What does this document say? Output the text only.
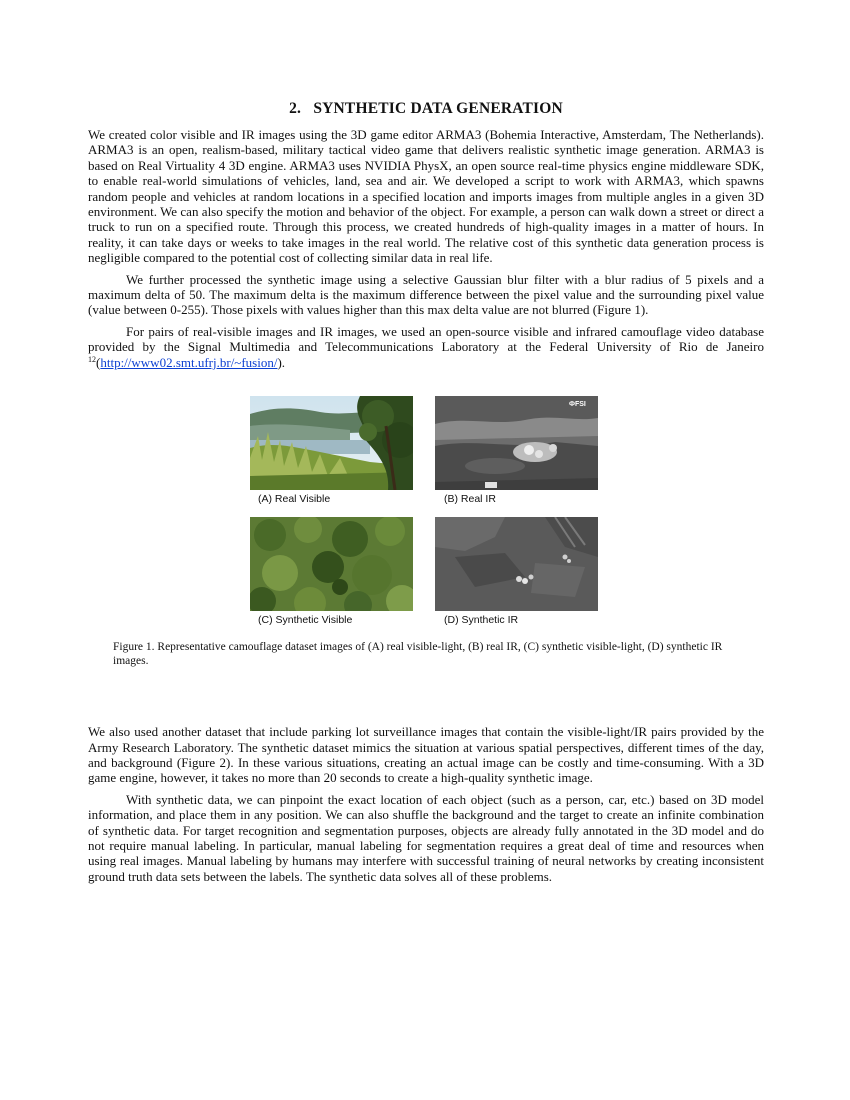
2. SYNTHETIC DATA GENERATION

We created color visible and IR images using the 3D game editor ARMA3 (Bohemia Interactive, Amsterdam, The Netherlands). ARMA3 is an open, realism-based, military tactical video game that delivers realistic synthetic image generation. ARMA3 is based on Real Virtuality 4 3D engine. ARMA3 uses NVIDIA PhysX, an open source real-time physics engine middleware SDK, to enable real-world simulations of vehicles, land, sea and air. We developed a script to work with ARMA3, which spawns random people and vehicles at random locations in a specified location and imports images from multiple angles in a given 3D environment. We can also specify the motion and behavior of the object. For example, a person can walk down a street or direct a truck to run on a specified route. Through this process, we created hundreds of high-quality images in a matter of hours. In reality, it can take days or weeks to take images in the real world. The relative cost of this synthetic data generation process is negligible compared to the potential cost of collecting similar data in real life.

We further processed the synthetic image using a selective Gaussian blur filter with a blur radius of 5 pixels and a maximum delta of 50. The maximum delta is the maximum difference between the pixel value and the surrounding pixel value (value between 0-255). Those pixels with values higher than this max delta value are not blurred (Figure 1).

For pairs of real-visible images and IR images, we used an open-source visible and infrared camouflage video database provided by the Signal Multimedia and Telecommunications Laboratory at the Federal University of Rio de Janeiro $^{12}$(http://www02.smt.ufrj.br/~fusion/).

ФFSI
(A) Real Visible	(B) Real IR
(C) Synthetic Visible	(D) Synthetic IR

Figure 1. Representative camouflage dataset images of (A) real visible-light, (B) real IR, (C) synthetic visible-light, (D) synthetic IR images.

We also used another dataset that include parking lot surveillance images that contain the visible-light/IR pairs provided by the Army Research Laboratory. The synthetic dataset mimics the situation at various spatial perspectives, different times of the day, and background (Figure 2). In these various situations, creating an actual image can be costly and time-consuming. With a 3D game engine, however, it takes no more than 20 seconds to create a high-quality synthetic image.

With synthetic data, we can pinpoint the exact location of each object (such as a person, car, etc.) based on 3D model information, and place them in any position. We can also shuffle the background and the target to create an infinite combination of synthetic data. For target recognition and segmentation purposes, objects are already fully annotated in the 3D model and do not require manual labeling. In particular, manual labeling for segmentation requires a great deal of time and resources when using real images. Manual labeling by humans may interfere with successful training of neural networks by creating inconsistent ground truth data sets between the labels. The synthetic data solves all of these problems.
